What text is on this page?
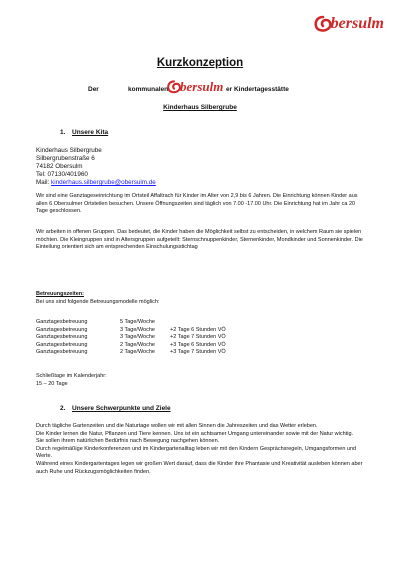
bersulm
Kurzkonzeption
Der	kommunalen bersulm er Kindertagesstätte
Kinderhaus Silbergrube
1. Unsere Kita

Kinderhaus Silbergrube

Silbergrubenstraße 6

74182 Obersulm

Tel: 07130/401960

Mail: kinderhaus.silbergrube@obersulm.de

Wir sind eine Ganztageseinrichtung im Ortsteil Affaltrach für Kinder im Alter von 2,9 bis 6 Jahren. Die Einrichtung können Kinder aus allen 6 Obersulmer Ortsteilen besuchen. Unsere Öffnungszeiten sind täglich von 7.00 -17.00 Uhr. Die Einrichtung hat im Jahr ca 20 Tage geschlossen.

Wir arbeiten in offenen Gruppen. Das bedeutet, die Kinder haben die Möglichkeit selbst zu entscheiden, in welchem Raum sie spielen möchten. Die Kleingruppen sind in Altersgruppen aufgeteilt: Sternschnuppenkinder, Sternenkinder, Mondkinder und Sonnenkinder. Die Einteilung orientiert sich am entsprechenden Einschulungsstichtag

Betreuungszeiten:

Bei uns sind folgende Betreuungsmodelle möglich:

Ganztagesbetreuung	5 Tage/Woche	
Ganztagesbetreuung	3 Tage/Woche	+2 Tage 6 Stunden VÖ
Ganztagesbetreuung	3 Tage/Woche	+2 Tage 7 Stunden VÖ
Ganztagesbetreuung	2 Tage/Woche	+3 Tage 6 Stunden VÖ
Ganztagesbetreuung	2 Tage/Woche	+3 Tage 7 Stunden VÖ

Schließtage im Kalenderjahr:

15 – 20 Tage

2. Unsere Schwerpunkte und Ziele

Durch tägliche Gartenzeiten und die Naturtage wollen wir mit allen Sinnen die Jahreszeiten und das Wetter erleben.

Die Kinder lernen die Natur, Pflanzen und Tiere kennen. Uns ist ein achtsamer Umgang untereinander sowie mit der Natur wichtig.

Sie sollen ihrem natürlichen Bedürfnis nach Bewegung nachgehen können.

Durch regelmäßige Kinderkonferenzen und im Kindergartenalltag leben wir mit den Kindern Gesprächsregeln, Umgangsformen und Werte.

Während eines Kindergartentages legen wir großen Wert darauf, dass die Kinder ihre Phantasie und Kreativität ausleben können aber auch Ruhe und Rückzugsmöglichkeiten finden.
